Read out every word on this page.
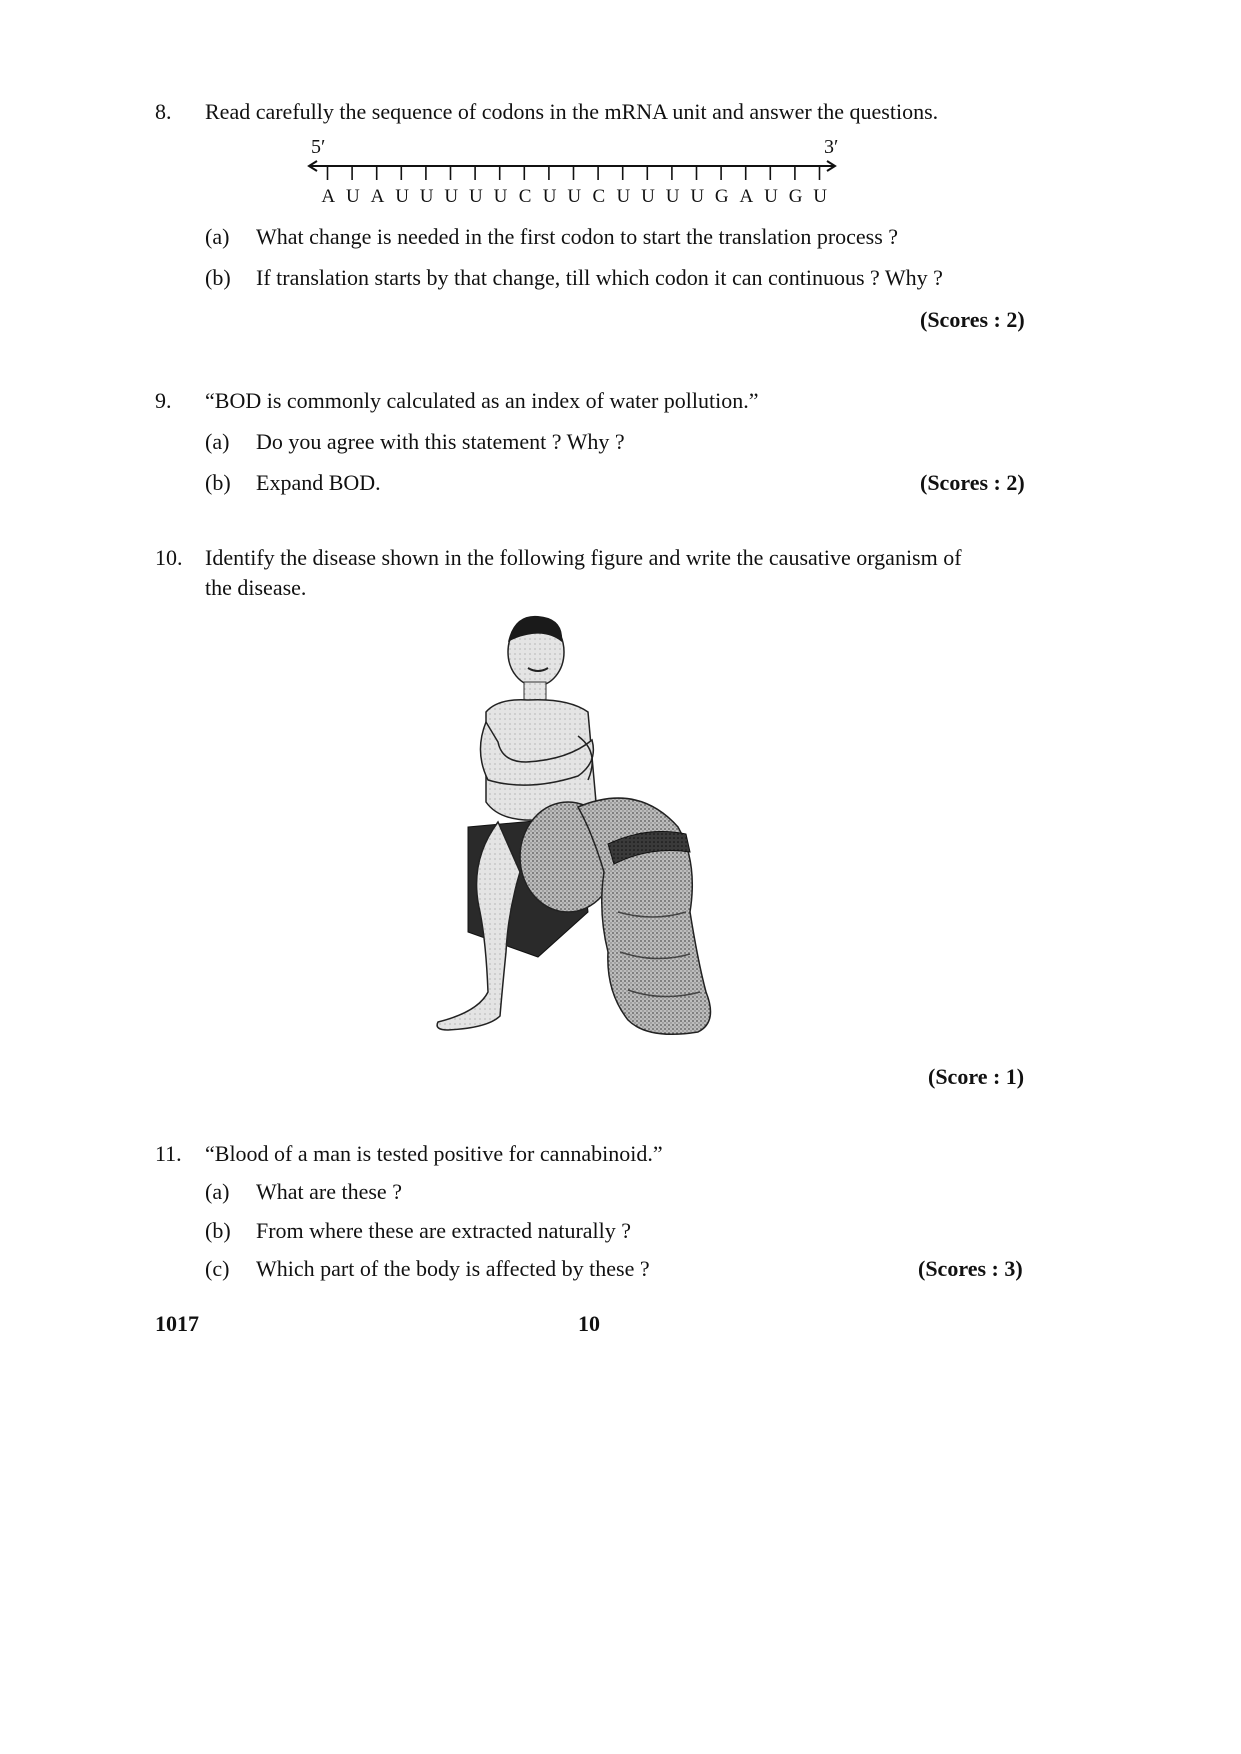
8. Read carefully the sequence of codons in the mRNA unit and answer the questions.
5′	3′
A U A U U U U U C U U C U U U U G A U G U
(a) What change is needed in the first codon to start the translation process ?
(b) If translation starts by that change, till which codon it can continuous ? Why ?
(Scores : 2)
9. “BOD is commonly calculated as an index of water pollution.”
(a) Do you agree with this statement ? Why ?
(b) Expand BOD.	(Scores : 2)
10. Identify the disease shown in the following figure and write the causative organism of
the disease.
(Score : 1)
11. “Blood of a man is tested positive for cannabinoid.”
(a) What are these ?
(b) From where these are extracted naturally ?
(c) Which part of the body is affected by these ?	(Scores : 3)
1017	10
